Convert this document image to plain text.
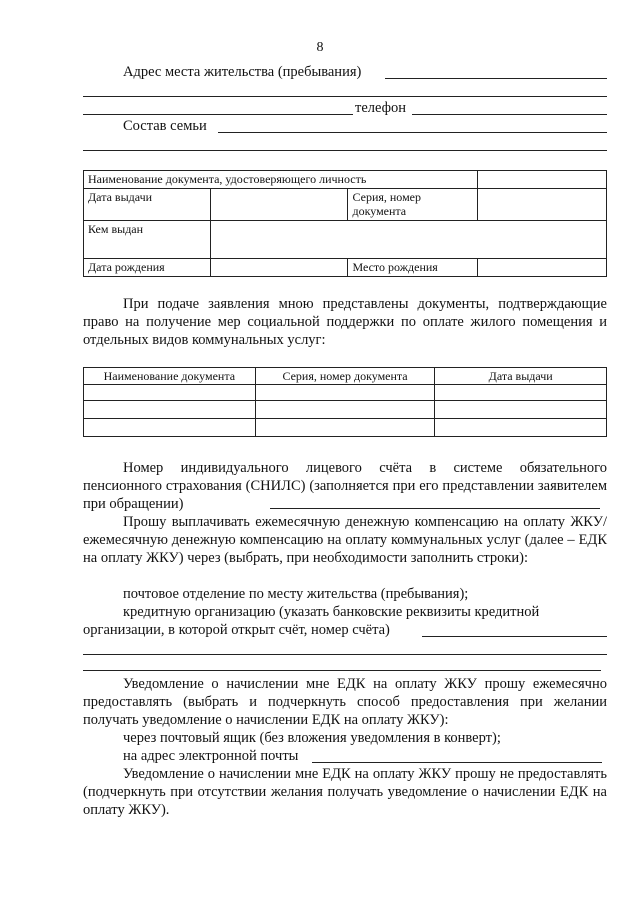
8
Адрес места жительства (пребывания)
телефон
Состав семьи
Наименование документа, удостоверяющего личность			
Дата выдачи		Серия, номер документа	
Кем выдан			
Дата рождения		Место рождения	
При подаче заявления мною представлены документы, подтверждающие право на получение мер социальной поддержки по оплате жилого помещения и отдельных видов коммунальных услуг:
Наименование документа	Серия, номер документа	Дата выдачи

Номер индивидуального лицевого счёта в системе обязательного пенсионного страхования (СНИЛС) (заполняется при его представлении заявителем при обращении)
Прошу выплачивать ежемесячную денежную компенсацию на оплату ЖКУ/ежемесячную денежную компенсацию на оплату коммунальных услуг (далее – ЕДК на оплату ЖКУ) через (выбрать, при необходимости заполнить строки):
почтовое отделение по месту жительства (пребывания);
кредитную организацию (указать банковские реквизиты кредитной
организации, в которой открыт счёт, номер счёта)
Уведомление о начислении мне ЕДК на оплату ЖКУ прошу ежемесячно предоставлять (выбрать и подчеркнуть способ предоставления при желании получать уведомление о начислении ЕДК на оплату ЖКУ):
через почтовый ящик (без вложения уведомления в конверт);
на адрес электронной почты
Уведомление о начислении мне ЕДК на оплату ЖКУ прошу не предоставлять (подчеркнуть при отсутствии желания получать уведомление о начислении ЕДК на оплату ЖКУ).
